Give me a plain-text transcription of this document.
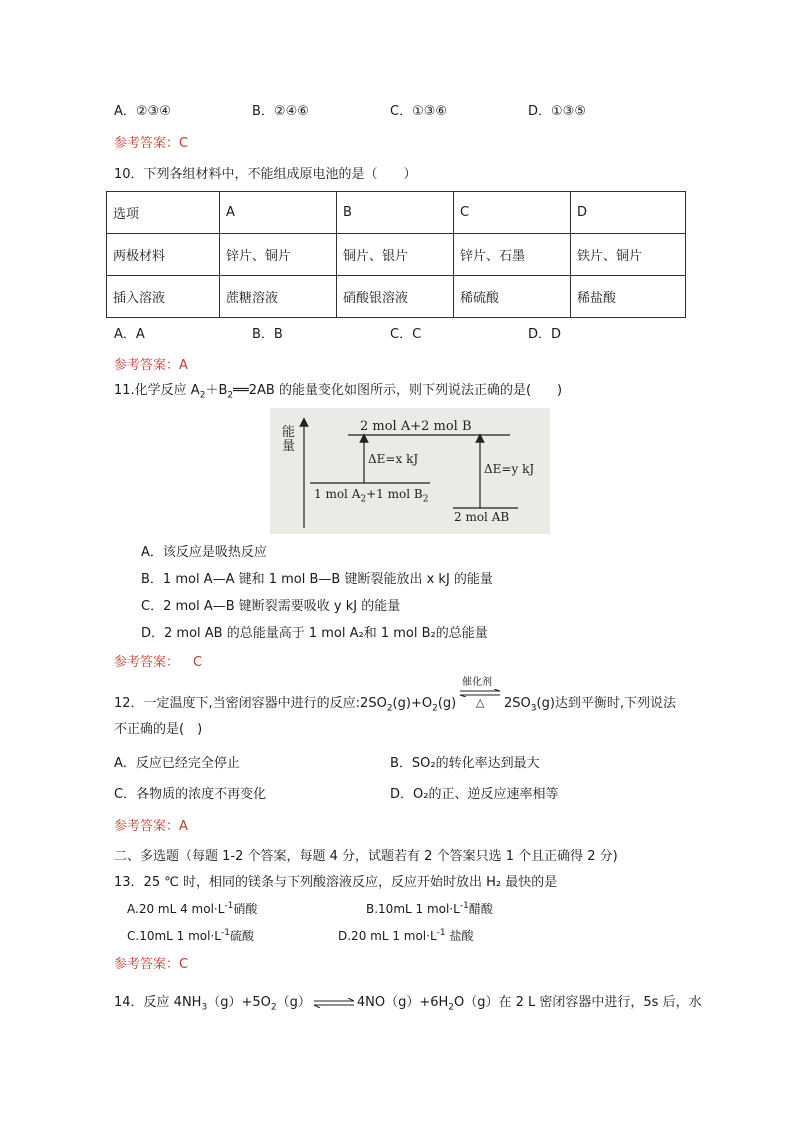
A．②③④	B．②④⑥	C．①③⑥	D．①③⑤
参考答案：C
10．下列各组材料中，不能组成原电池的是（　　）
选项	A	B	C	D
两极材料	锌片、铜片	铜片、银片	锌片、石墨	铁片、铜片
插入溶液	蔗糖溶液	硝酸银溶液	稀硫酸	稀盐酸
A．A	B．B	C．C	D．D
参考答案：A
11.化学反应 $A_2+B_2══2AB$ 的能量变化如图所示，则下列说法正确的是(　　)
能
量
2 mol A+2 mol B
ΔE=x kJ
ΔE=y kJ
1 mol $A_2+1$ mol $B_2$
2 mol AB
A．该反应是吸热反应
B．1 mol A—A 键和 1 mol B—B 键断裂能放出 x kJ 的能量
C．2 mol A—B 键断裂需要吸收 y kJ 的能量
D．2 mol AB 的总能量高于 1 mol A₂和 1 mol B₂的总能量
参考答案： C
催化剂
△
12．一定温度下,当密闭容器中进行的反应$:2SO_2(g)+O_2(g)$	$2SO_3(g)$达到平衡时,下列说法
不正确的是(　)
A．反应已经完全停止	B．SO₂的转化率达到最大
C．各物质的浓度不再变化	D．O₂的正、逆反应速率相等
参考答案：A
二、多选题（每题 1-2 个答案，每题 4 分，试题若有 2 个答案只选 1 个且正确得 2 分)
13．25 ℃ 时，相同的镁条与下列酸溶液反应，反应开始时放出 H₂ 最快的是
A.20 mL 4 $mol\cdot L^{-1}$硝酸	B.10mL 1 $mol\cdot L^{-1}$醋酸
C.10mL 1 $mol\cdot L^{-1}$硫酸	D.20 mL 1 $mol\cdot L^{-1}$ 盐酸
参考答案：C
14．反应 $4NH_3(g)+5O_2(g)$	$4NO(g)+6H_2O(g)$在 2 L 密闭容器中进行，5s 后，水
